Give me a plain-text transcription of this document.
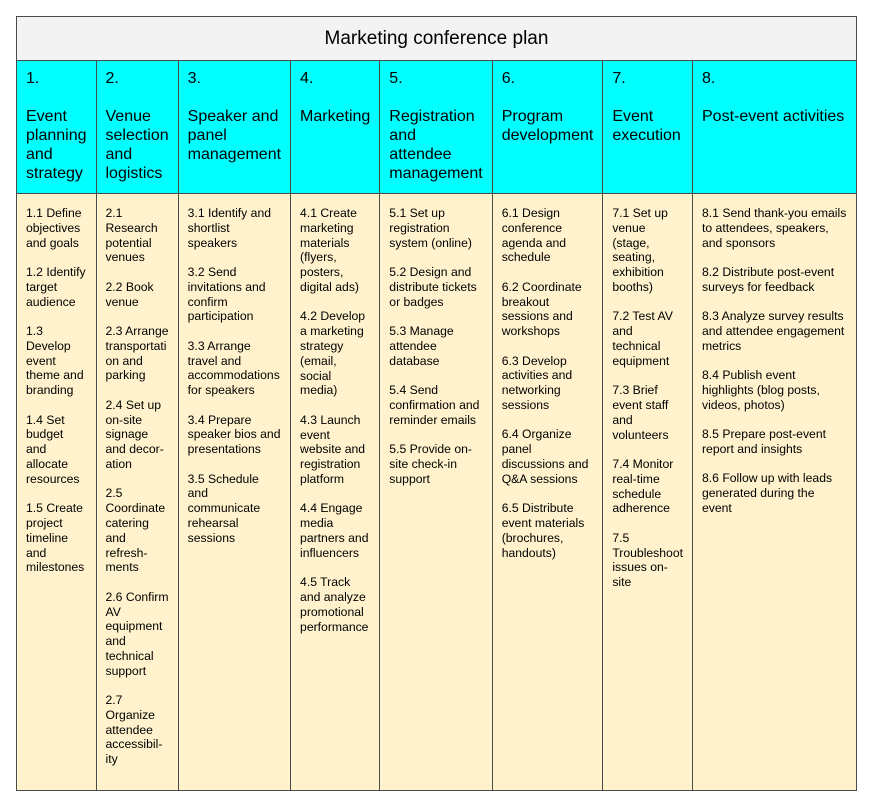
Marketing conference plan
1.
Event planning and strategy
1.1 Define objectives and goals
1.2 Identify target audience
1.3 Develop event theme and branding
1.4 Set budget and allocate resources
1.5 Create project timeline and milestones
2.
Venue selection and logistics
2.1 Research potential venues
2.2 Book venue
2.3 Arrange transportati on and parking
2.4 Set up on-site signage and decor-ation
2.5 Coordinate catering and refresh-ments
2.6 Confirm AV equipment and technical support
2.7 Organize attendee accessibil-ity
3.
Speaker and panel management
3.1 Identify and shortlist speakers
3.2 Send invitations and confirm participation
3.3 Arrange travel and accommodations for speakers
3.4 Prepare speaker bios and presentations
3.5 Schedule and communicate rehearsal sessions
4.
Marketing
4.1 Create marketing materials (flyers, posters, digital ads)
4.2 Develop a marketing strategy (email, social media)
4.3 Launch event website and registration platform
4.4 Engage media partners and influencers
4.5 Track and analyze promotional performance
5.
Registration and attendee management
5.1 Set up registration system (online)
5.2 Design and distribute tickets or badges
5.3 Manage attendee database
5.4 Send confirmation and reminder emails
5.5 Provide on-site check-in support
6.
Program development
6.1 Design conference agenda and schedule
6.2 Coordinate breakout sessions and workshops
6.3 Develop activities and networking sessions
6.4 Organize panel discussions and Q&A sessions
6.5 Distribute event materials (brochures, handouts)
7.
Event execution
7.1 Set up venue (stage, seating, exhibition booths)
7.2 Test AV and technical equipment
7.3 Brief event staff and volunteers
7.4 Monitor real-time schedule adherence
7.5 Troubleshoot issues on-site
8.
Post-event activities
8.1 Send thank-you emails to attendees, speakers, and sponsors
8.2 Distribute post-event surveys for feedback
8.3 Analyze survey results and attendee engagement metrics
8.4 Publish event highlights (blog posts, videos, photos)
8.5 Prepare post-event report and insights
8.6 Follow up with leads generated during the event
